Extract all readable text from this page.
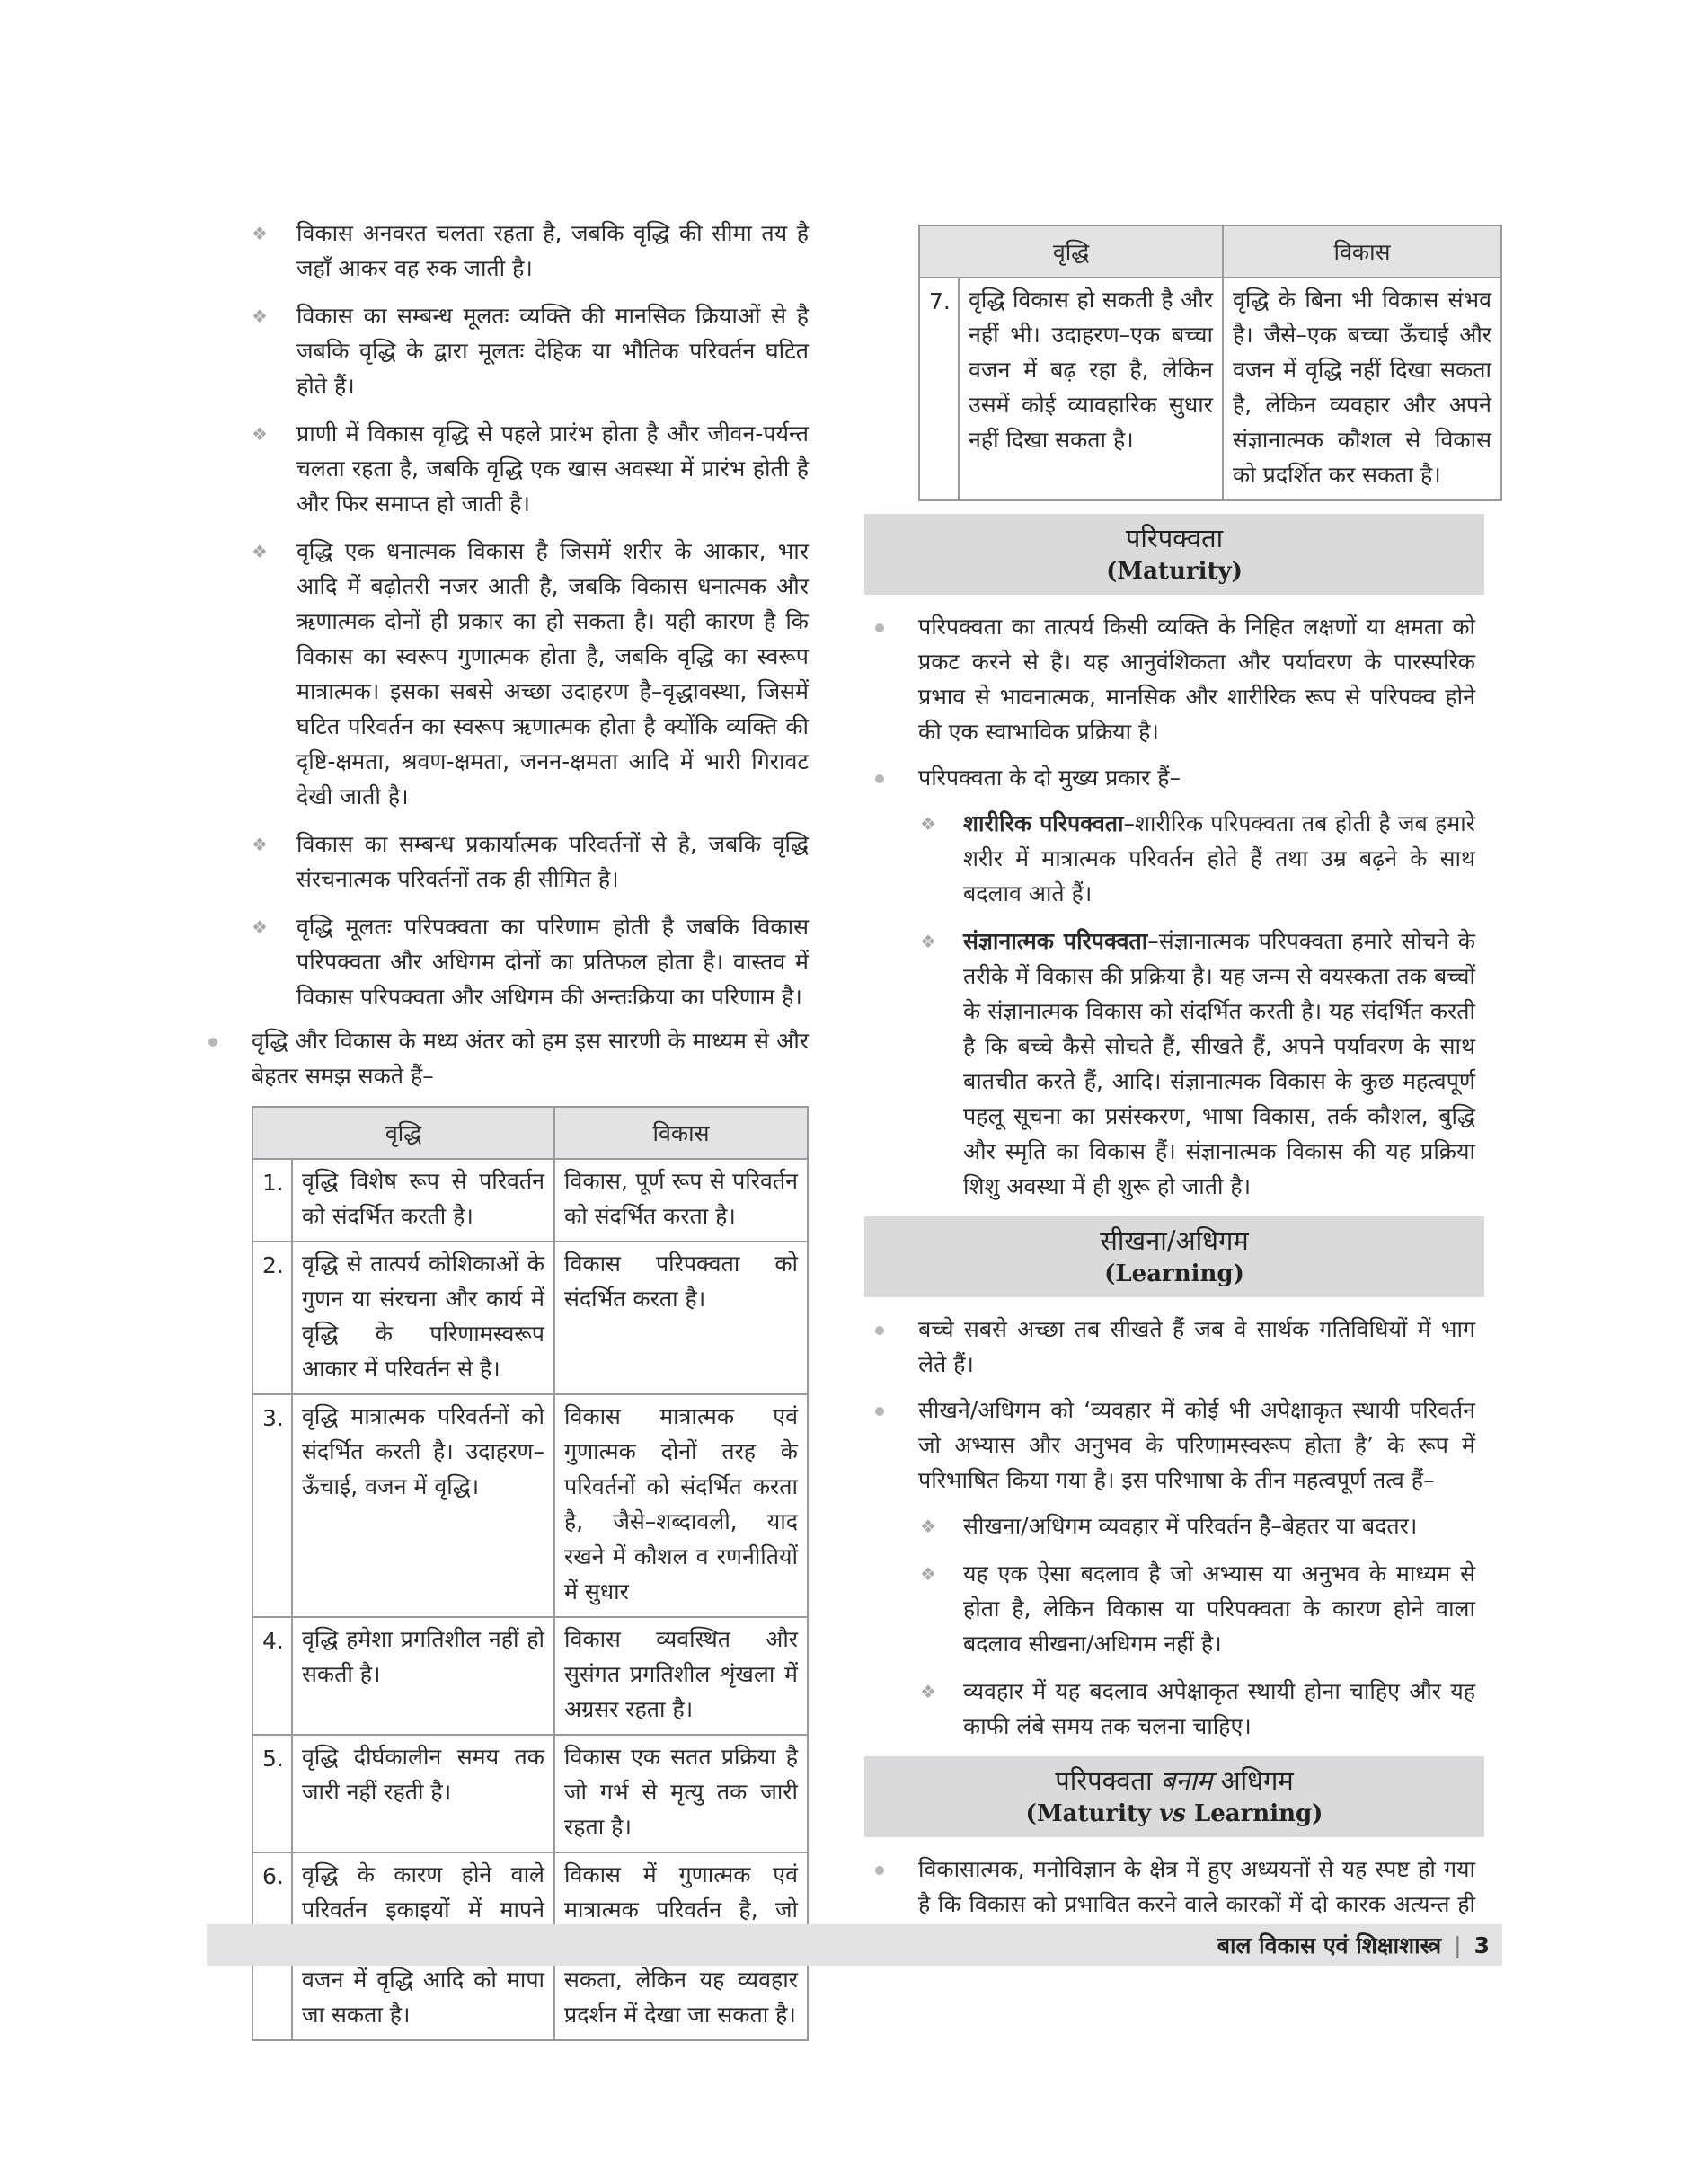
❖ विकास अनवरत चलता रहता है, जबकि वृद्धि की सीमा तय है जहाँ आकर वह रुक जाती है।
❖ विकास का सम्बन्ध मूलतः व्यक्ति की मानसिक क्रियाओं से है जबकि वृद्धि के द्वारा मूलतः देहिक या भौतिक परिवर्तन घटित होते हैं।
❖ प्राणी में विकास वृद्धि से पहले प्रारंभ होता है और जीवन-पर्यन्त चलता रहता है, जबकि वृद्धि एक खास अवस्था में प्रारंभ होती है और फिर समाप्त हो जाती है।
❖ वृद्धि एक धनात्मक विकास है जिसमें शरीर के आकार, भार आदि में बढ़ोतरी नजर आती है, जबकि विकास धनात्मक और ऋणात्मक दोनों ही प्रकार का हो सकता है। यही कारण है कि विकास का स्वरूप गुणात्मक होता है, जबकि वृद्धि का स्वरूप मात्रात्मक। इसका सबसे अच्छा उदाहरण है–वृद्धावस्था, जिसमें घटित परिवर्तन का स्वरूप ऋणात्मक होता है क्योंकि व्यक्ति की दृष्टि-क्षमता, श्रवण-क्षमता, जनन-क्षमता आदि में भारी गिरावट देखी जाती है।
❖ विकास का सम्बन्ध प्रकार्यात्मक परिवर्तनों से है, जबकि वृद्धि संरचनात्मक परिवर्तनों तक ही सीमित है।
❖ वृद्धि मूलतः परिपक्वता का परिणाम होती है जबकि विकास परिपक्वता और अधिगम दोनों का प्रतिफल होता है। वास्तव में विकास परिपक्वता और अधिगम की अन्तःक्रिया का परिणाम है।
वृद्धि और विकास के मध्य अंतर को हम इस सारणी के माध्यम से और बेहतर समझ सकते हैं–
वृद्धि		विकास
1.	वृद्धि विशेष रूप से परिवर्तन को संदर्भित करती है।	विकास, पूर्ण रूप से परिवर्तन को संदर्भित करता है।
2.	वृद्धि से तात्पर्य कोशिकाओं के गुणन या संरचना और कार्य में वृद्धि के परिणामस्वरूप आकार में परिवर्तन से है।	विकास परिपक्वता को संदर्भित करता है।
3.	वृद्धि मात्रात्मक परिवर्तनों को संदर्भित करती है। उदाहरण– ऊँचाई, वजन में वृद्धि।	विकास मात्रात्मक एवं गुणात्मक दोनों तरह के परिवर्तनों को संदर्भित करता है, जैसे–शब्दावली, याद रखने में कौशल व रणनीतियों में सुधार
4.	वृद्धि हमेशा प्रगतिशील नहीं हो सकती है।	विकास व्यवस्थित और सुसंगत प्रगतिशील शृंखला में अग्रसर रहता है।
5.	वृद्धि दीर्घकालीन समय तक जारी नहीं रहती है।	विकास एक सतत प्रक्रिया है जो गर्भ से मृत्यु तक जारी रहता है।
6.	वृद्धि के कारण होने वाले परिवर्तन इकाइयों में मापने वजन में वृद्धि आदि को मापा जा सकता है।	विकास में गुणात्मक एवं मात्रात्मक परिवर्तन है, जो सकता, लेकिन यह व्यवहार प्रदर्शन में देखा जा सकता है।
वृद्धि		विकास
7.	वृद्धि विकास हो सकती है और नहीं भी। उदाहरण–एक बच्चा वजन में बढ़ रहा है, लेकिन उसमें कोई व्यावहारिक सुधार नहीं दिखा सकता है।	वृद्धि के बिना भी विकास संभव है। जैसे–एक बच्चा ऊँचाई और वजन में वृद्धि नहीं दिखा सकता है, लेकिन व्यवहार और अपने संज्ञानात्मक कौशल से विकास को प्रदर्शित कर सकता है।
परिपक्वता
(Maturity)
परिपक्वता का तात्पर्य किसी व्यक्ति के निहित लक्षणों या क्षमता को प्रकट करने से है। यह आनुवंशिकता और पर्यावरण के पारस्परिक प्रभाव से भावनात्मक, मानसिक और शारीरिक रूप से परिपक्व होने की एक स्वाभाविक प्रक्रिया है।
परिपक्वता के दो मुख्य प्रकार हैं–
❖ शारीरिक परिपक्वता–शारीरिक परिपक्वता तब होती है जब हमारे शरीर में मात्रात्मक परिवर्तन होते हैं तथा उम्र बढ़ने के साथ बदलाव आते हैं।
❖ संज्ञानात्मक परिपक्वता–संज्ञानात्मक परिपक्वता हमारे सोचने के तरीके में विकास की प्रक्रिया है। यह जन्म से वयस्कता तक बच्चों के संज्ञानात्मक विकास को संदर्भित करती है। यह संदर्भित करती है कि बच्चे कैसे सोचते हैं, सीखते हैं, अपने पर्यावरण के साथ बातचीत करते हैं, आदि। संज्ञानात्मक विकास के कुछ महत्वपूर्ण पहलू सूचना का प्रसंस्करण, भाषा विकास, तर्क कौशल, बुद्धि और स्मृति का विकास हैं। संज्ञानात्मक विकास की यह प्रक्रिया शिशु अवस्था में ही शुरू हो जाती है।
सीखना/अधिगम
(Learning)
बच्चे सबसे अच्छा तब सीखते हैं जब वे सार्थक गतिविधियों में भाग लेते हैं।
सीखने/अधिगम को ‘व्यवहार में कोई भी अपेक्षाकृत स्थायी परिवर्तन जो अभ्यास और अनुभव के परिणामस्वरूप होता है’ के रूप में परिभाषित किया गया है। इस परिभाषा के तीन महत्वपूर्ण तत्व हैं–
❖ सीखना/अधिगम व्यवहार में परिवर्तन है–बेहतर या बदतर।
❖ यह एक ऐसा बदलाव है जो अभ्यास या अनुभव के माध्यम से होता है, लेकिन विकास या परिपक्वता के कारण होने वाला बदलाव सीखना/अधिगम नहीं है।
❖ व्यवहार में यह बदलाव अपेक्षाकृत स्थायी होना चाहिए और यह काफी लंबे समय तक चलना चाहिए।
परिपक्वता बनाम अधिगम
(Maturity vs Learning)
विकासात्मक, मनोविज्ञान के क्षेत्र में हुए अध्ययनों से यह स्पष्ट हो गया है कि विकास को प्रभावित करने वाले कारकों में दो कारक अत्यन्त ही
बाल विकास एवं शिक्षाशास्त्र | 3
